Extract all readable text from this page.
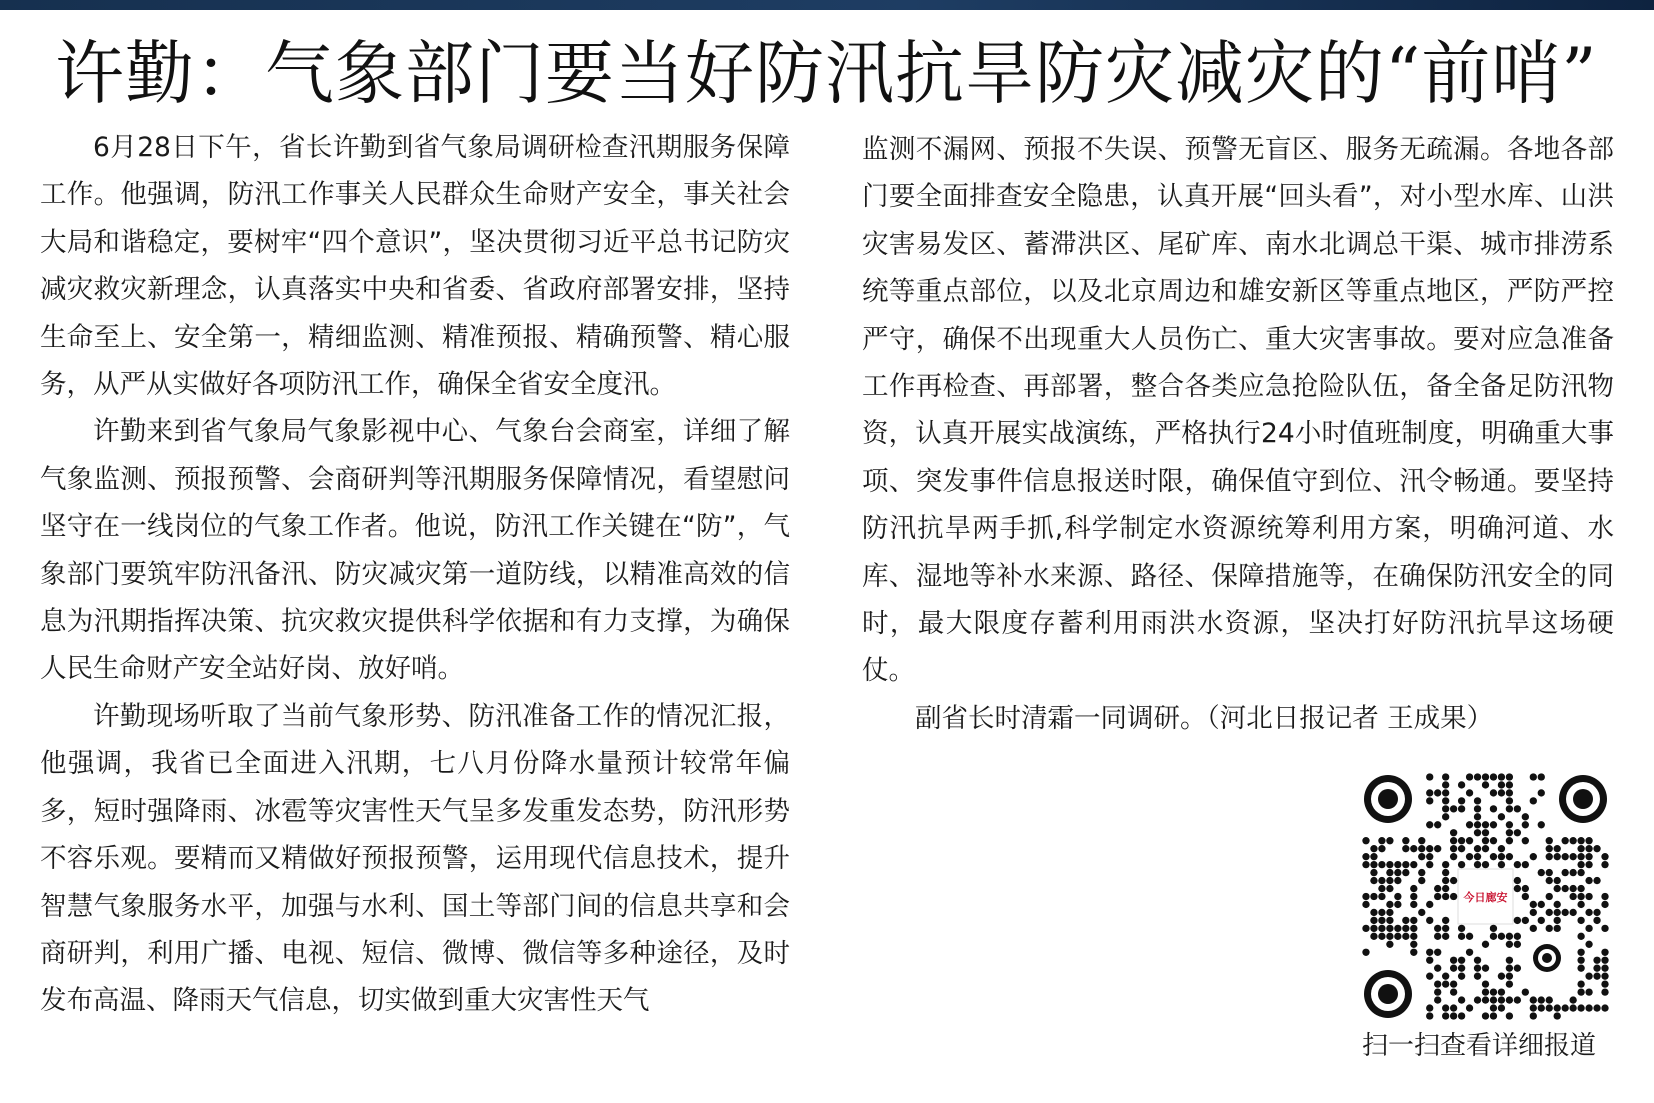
许勤：气象部门要当好防汛抗旱防灾减灾的“前哨”

6月28日下午，省长许勤到省气象局调研检查汛期服务保障工作。他强调，防汛工作事关人民群众生命财产安全，事关社会大局和谐稳定，要树牢“四个意识”，坚决贯彻习近平总书记防灾减灾救灾新理念，认真落实中央和省委、省政府部署安排，坚持生命至上、安全第一，精细监测、精准预报、精确预警、精心服务，从严从实做好各项防汛工作，确保全省安全度汛。

许勤来到省气象局气象影视中心、气象台会商室，详细了解气象监测、预报预警、会商研判等汛期服务保障情况，看望慰问坚守在一线岗位的气象工作者。他说，防汛工作关键在“防”，气象部门要筑牢防汛备汛、防灾减灾第一道防线，以精准高效的信息为汛期指挥决策、抗灾救灾提供科学依据和有力支撑，为确保人民生命财产安全站好岗、放好哨。

许勤现场听取了当前气象形势、防汛准备工作的情况汇报，他强调，我省已全面进入汛期，七八月份降水量预计较常年偏多，短时强降雨、冰雹等灾害性天气呈多发重发态势，防汛形势不容乐观。要精而又精做好预报预警，运用现代信息技术，提升智慧气象服务水平，加强与水利、国土等部门间的信息共享和会商研判，利用广播、电视、短信、微博、微信等多种途径，及时发布高温、降雨天气信息，切实做到重大灾害性天气

监测不漏网、预报不失误、预警无盲区、服务无疏漏。各地各部门要全面排查安全隐患，认真开展“回头看”，对小型水库、山洪灾害易发区、蓄滞洪区、尾矿库、南水北调总干渠、城市排涝系统等重点部位，以及北京周边和雄安新区等重点地区，严防严控严守，确保不出现重大人员伤亡、重大灾害事故。要对应急准备工作再检查、再部署，整合各类应急抢险队伍，备全备足防汛物资，认真开展实战演练，严格执行24小时值班制度，明确重大事项、突发事件信息报送时限，确保值守到位、汛令畅通。要坚持防汛抗旱两手抓,科学制定水资源统筹利用方案，明确河道、水库、湿地等补水来源、路径、保障措施等，在确保防汛安全的同时，最大限度存蓄利用雨洪水资源，坚决打好防汛抗旱这场硬仗。

副省长时清霜一同调研。（河北日报记者 王成果）

今日廊安
扫一扫查看详细报道
